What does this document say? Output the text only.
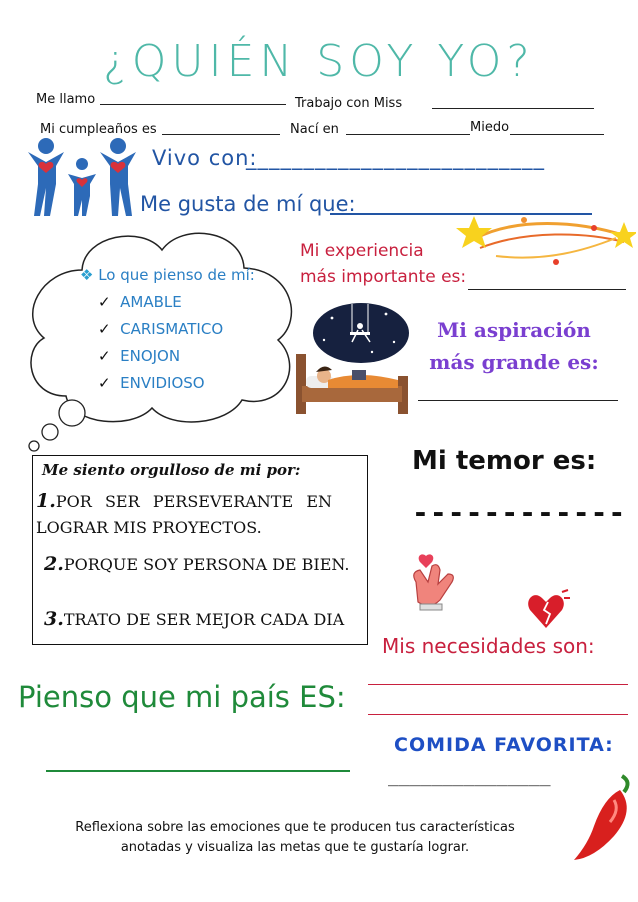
¿QUIÉN SOY YO?
Me llamo	Trabajo con Miss
Mi cumpleaños es	Nací en	Miedo
Vivo con:
__________________________
Me gusta de mí que:
❖ Lo que pienso de mí:
✓ AMABLE
✓ CARISMATICO
✓ ENOJON
✓ ENVIDIOSO
Mi experiencia
más importante es:
Mi aspiración
más grande es:
Me siento orgulloso de mi por:
1.POR SER PERSEVERANTE EN LOGRAR MIS PROYECTOS.
2.PORQUE SOY PERSONA DE BIEN.
3.TRATO DE SER MEJOR CADA DIA
Mi temor es:
------------
Mis necesidades son:
Pienso que mi país ES:
COMIDA FAVORITA:
_______________
Reflexiona sobre las emociones que te producen tus características
anotadas y visualiza las metas que te gustaría lograr.
